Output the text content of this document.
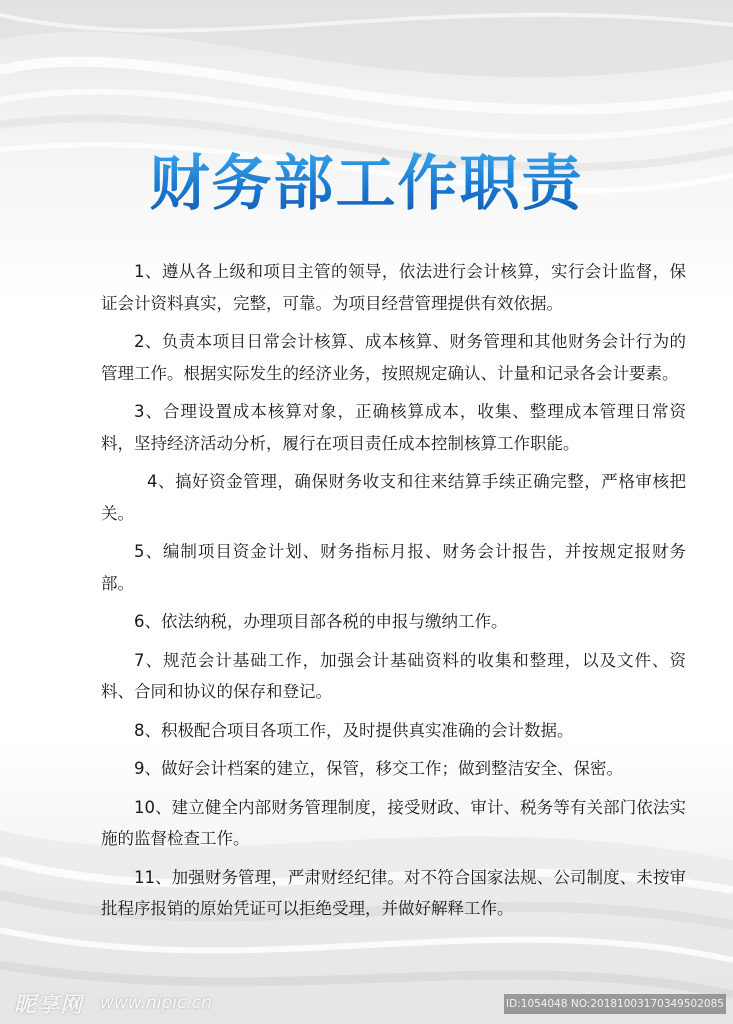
财务部工作职责

1、遵从各上级和项目主管的领导，依法进行会计核算，实行会计监督，保证会计资料真实，完整，可靠。为项目经营管理提供有效依据。

2、负责本项目日常会计核算、成本核算、财务管理和其他财务会计行为的管理工作。根据实际发生的经济业务，按照规定确认、计量和记录各会计要素。

3、合理设置成本核算对象，正确核算成本，收集、整理成本管理日常资料，坚持经济活动分析，履行在项目责任成本控制核算工作职能。

4、搞好资金管理，确保财务收支和往来结算手续正确完整，严格审核把关。

5、编制项目资金计划、财务指标月报、财务会计报告，并按规定报财务部。

6、依法纳税，办理项目部各税的申报与缴纳工作。

7、规范会计基础工作，加强会计基础资料的收集和整理，以及文件、资料、合同和协议的保存和登记。

8、积极配合项目各项工作，及时提供真实准确的会计数据。

9、做好会计档案的建立，保管，移交工作；做到整洁安全、保密。

10、建立健全内部财务管理制度，接受财政、审计、税务等有关部门依法实施的监督检查工作。

11、加强财务管理，严肃财经纪律。对不符合国家法规、公司制度、未按审批程序报销的原始凭证可以拒绝受理，并做好解释工作。

昵享网 www.nipic.cn	ID:1054048 NO:20181003170349502085
